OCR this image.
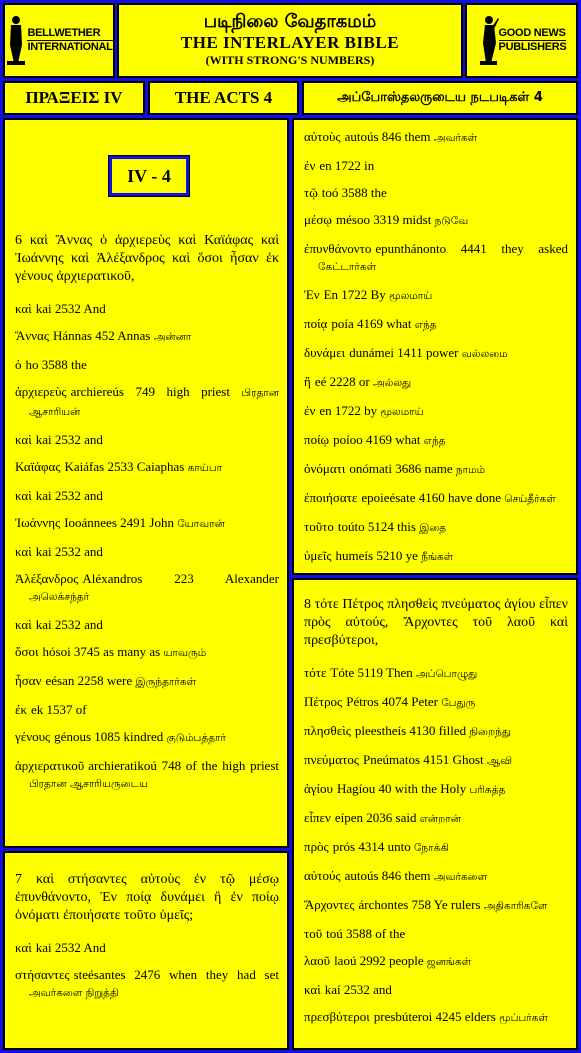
BELLWETHER
INTERNATIONAL
படிநிலை வேதாகமம்
THE INTERLAYER BIBLE
(WITH STRONG'S NUMBERS)
GOOD NEWS
PUBLISHERS
ΠΡΑΞΕΙΣ IV	THE ACTS 4	அப்போஸ்தலருடைய நடபடிகள் 4
IV - 4

6 καὶ Ἅννας ὁ ἀρχιερεὺς καὶ Καϊάφας καὶ Ἰωάννης καὶ Ἀλέξανδρος καὶ ὅσοι ἦσαν ἐκ γένους ἀρχιερατικοῦ,

καὶ kai 2532 And

Ἅννας Hánnas 452 Annas அன்னா

ὁ ho 3588 the

ἀρχιερεὺς archiereús 749 high priest பிரதான ஆசாரியன்

καὶ kai 2532 and

Καϊάφας Kaiáfas 2533 Caiaphas காய்பா

καὶ kai 2532 and

Ἰωάννης Iooánnees 2491 John யோவான்

καὶ kai 2532 and

Ἀλέξανδρος Aléxandros 223 Alexander அலெக்சந்தர்

καὶ kai 2532 and

ὅσοι hósoi 3745 as many as யாவரும்

ἦσαν eésan 2258 were இருந்தார்கள்

ἐκ ek 1537 of

γένους génous 1085 kindred குடும்பத்தார்

ἀρχιερατικοῦ archieratikoú 748 of the high priest பிரதான ஆசாரியருடைய

7 καὶ στήσαντες αὐτοὺς ἐν τῷ μέσῳ ἐπυνθάνοντο, Ἐν ποίᾳ δυνάμει ἢ ἐν ποίῳ ὀνόματι ἐποιήσατε τοῦτο ὑμεῖς;

καὶ kai 2532 And

στήσαντες steésantes 2476 when they had set அவர்களை நிறுத்தி

αὐτοὺς autoús 846 them அவர்கள்

ἐν en 1722 in

τῷ toó 3588 the

μέσῳ mésoo 3319 midst நடுவே

ἐπυνθάνοντο epunthánonto 4441 they asked கேட்டார்கள்

Ἐν En 1722 By மூலமாய்

ποίᾳ poía 4169 what எந்த

δυνάμει dunámei 1411 power வல்லமை

ἢ eé 2228 or அல்லது

ἐν en 1722 by மூலமாய்

ποίῳ poíoo 4169 what எந்த

ὀνόματι onómati 3686 name நாமம்

ἐποιήσατε epoieésate 4160 have done செய்தீர்கள்

τοῦτο toúto 5124 this இதை

ὑμεῖς humeís 5210 ye நீங்கள்

8 τότε Πέτρος πλησθεὶς πνεύματος ἁγίου εἶπεν πρὸς αὐτούς, Ἄρχοντες τοῦ λαοῦ καὶ πρεσβύτεροι,

τότε Tóte 5119 Then அப்பொழுது

Πέτρος Pétros 4074 Peter பேதுரு

πλησθεὶς pleestheís 4130 filled நிறைந்து

πνεύματος Pneúmatos 4151 Ghost ஆவி

ἁγίου Hagíou 40 with the Holy பரிசுத்த

εἶπεν eípen 2036 said என்றான்

πρὸς prós 4314 unto நோக்கி

αὐτούς autoús 846 them அவர்களை

Ἄρχοντες árchontes 758 Ye rulers அதிகாரிகளே

τοῦ toú 3588 of the

λαοῦ laoú 2992 people ஜனங்கள்

καὶ kaí 2532 and

πρεσβύτεροι presbúteroi 4245 elders மூப்பர்கள்
